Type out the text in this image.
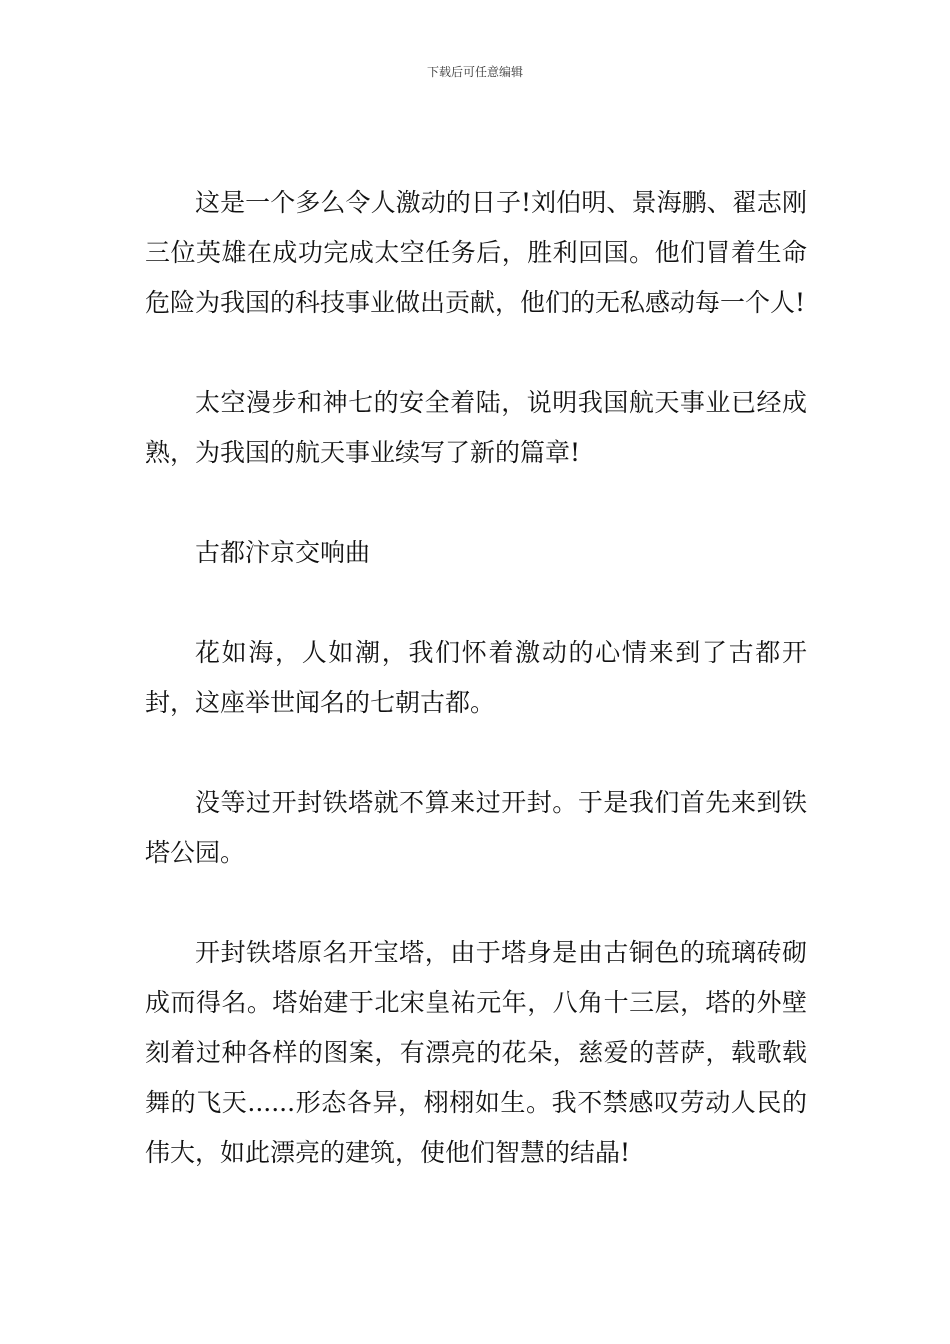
下载后可任意编辑

这是一个多么令人激动的日子!刘伯明、景海鹏、翟志刚三位英雄在成功完成太空任务后，胜利回国。他们冒着生命危险为我国的科技事业做出贡献，他们的无私感动每一个人!

太空漫步和神七的安全着陆，说明我国航天事业已经成熟，为我国的航天事业续写了新的篇章!

古都汴京交响曲

花如海，人如潮，我们怀着激动的心情来到了古都开封，这座举世闻名的七朝古都。

没等过开封铁塔就不算来过开封。于是我们首先来到铁塔公园。

开封铁塔原名开宝塔，由于塔身是由古铜色的琉璃砖砌成而得名。塔始建于北宋皇祐元年，八角十三层，塔的外壁刻着过种各样的图案，有漂亮的花朵，慈爱的菩萨，载歌载舞的飞天......形态各异，栩栩如生。我不禁感叹劳动人民的伟大，如此漂亮的建筑，使他们智慧的结晶!
